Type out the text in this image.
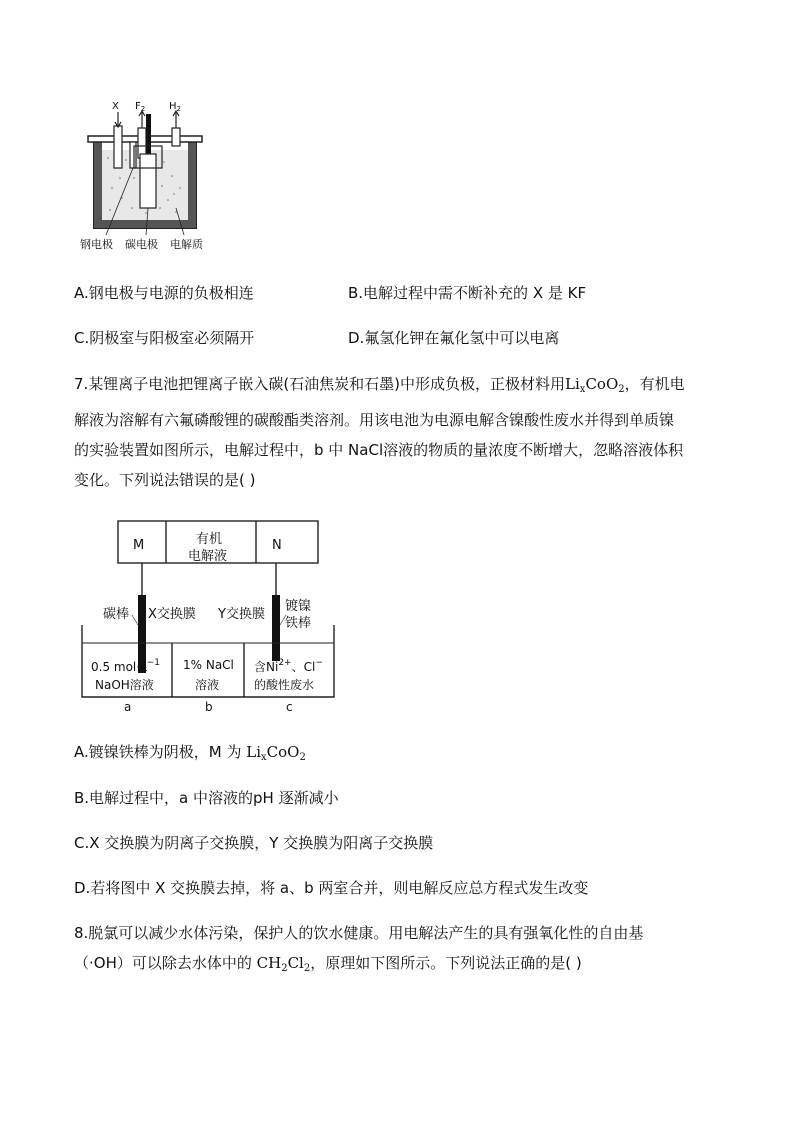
X $F_2$ $H_2$
钢电极 碳电极 电解质
A.钢电极与电源的负极相连	B.电解过程中需不断补充的 X 是 KF
C.阴极室与阳极室必须隔开	D.氟氢化钾在氟化氢中可以电离
7.某锂离子电池把锂离子嵌入碳(石油焦炭和石墨)中形成负极，正极材料用$Li_xCoO_2$，有机电
解液为溶解有六氟磷酸锂的碳酸酯类溶剂。用该电池为电源电解含镍酸性废水并得到单质镍
的实验装置如图所示，电解过程中，b 中 NaCl溶液的物质的量浓度不断增大，忽略溶液体积
变化。下列说法错误的是( )
M	有机
电解液
N
碳棒 X交换膜 Y交换膜
镀镍
铁棒
0.5 $mol\cdot L^{-1}$
NaOH溶液
1% NaCl
溶液
含$Ni^{2+}$、Cl−
的酸性废水
a	b	c
A.镀镍铁棒为阴极，M 为 $Li_xCoO_2$
B.电解过程中，a 中溶液的pH 逐渐减小
C.X 交换膜为阴离子交换膜，Y 交换膜为阳离子交换膜
D.若将图中 X 交换膜去掉，将 a、b 两室合并，则电解反应总方程式发生改变
8.脱氯可以减少水体污染，保护人的饮水健康。用电解法产生的具有强氧化性的自由基
（·OH）可以除去水体中的 $CH_2Cl_2$，原理如下图所示。下列说法正确的是( )
